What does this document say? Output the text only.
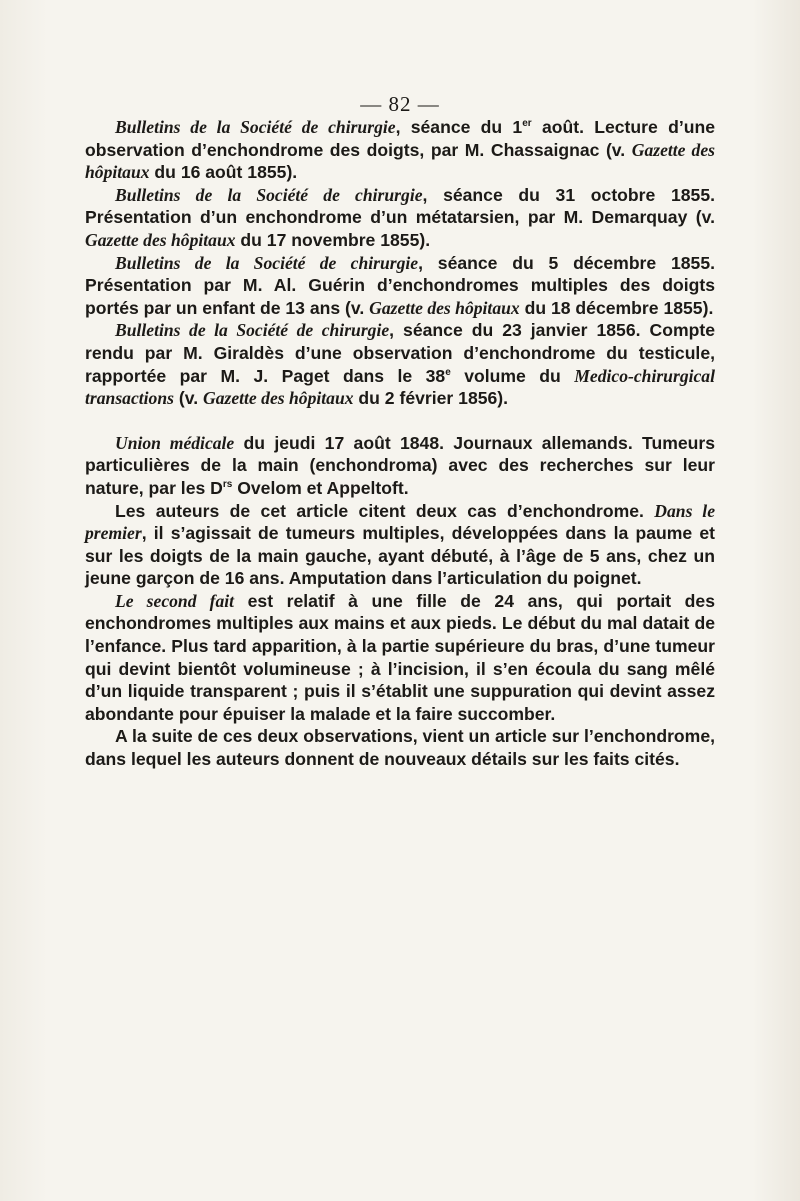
— 82 —

Bulletins de la Société de chirurgie, séance du 1er août. Lecture d’une observation d’enchondrome des doigts, par M. Chassaignac (v. Gazette des hôpitaux du 16 août 1855).

Bulletins de la Société de chirurgie, séance du 31 octobre 1855. Présentation d’un enchondrome d’un métatarsien, par M. Demarquay (v. Gazette des hôpitaux du 17 novembre 1855).

Bulletins de la Société de chirurgie, séance du 5 décembre 1855. Présentation par M. Al. Guérin d’enchondromes multiples des doigts portés par un enfant de 13 ans (v. Gazette des hôpitaux du 18 décembre 1855).

Bulletins de la Société de chirurgie, séance du 23 janvier 1856. Compte rendu par M. Giraldès d’une observation d’enchondrome du testicule, rapportée par M. J. Paget dans le 38e volume du Medico-chirurgical transactions (v. Gazette des hôpitaux du 2 février 1856).

Union médicale du jeudi 17 août 1848. Journaux allemands. Tumeurs particulières de la main (enchondroma) avec des recherches sur leur nature, par les $D^{rs}$ Ovelom et Appeltoft.

Les auteurs de cet article citent deux cas d’enchondrome. Dans le premier, il s’agissait de tumeurs multiples, développées dans la paume et sur les doigts de la main gauche, ayant débuté, à l’âge de 5 ans, chez un jeune garçon de 16 ans. Amputation dans l’articulation du poignet.

Le second fait est relatif à une fille de 24 ans, qui portait des enchondromes multiples aux mains et aux pieds. Le début du mal datait de l’enfance. Plus tard apparition, à la partie supérieure du bras, d’une tumeur qui devint bientôt volumineuse ; à l’incision, il s’en écoula du sang mêlé d’un liquide transparent ; puis il s’établit une suppuration qui devint assez abondante pour épuiser la malade et la faire succomber.

A la suite de ces deux observations, vient un article sur l’enchondrome, dans lequel les auteurs donnent de nouveaux détails sur les faits cités.
